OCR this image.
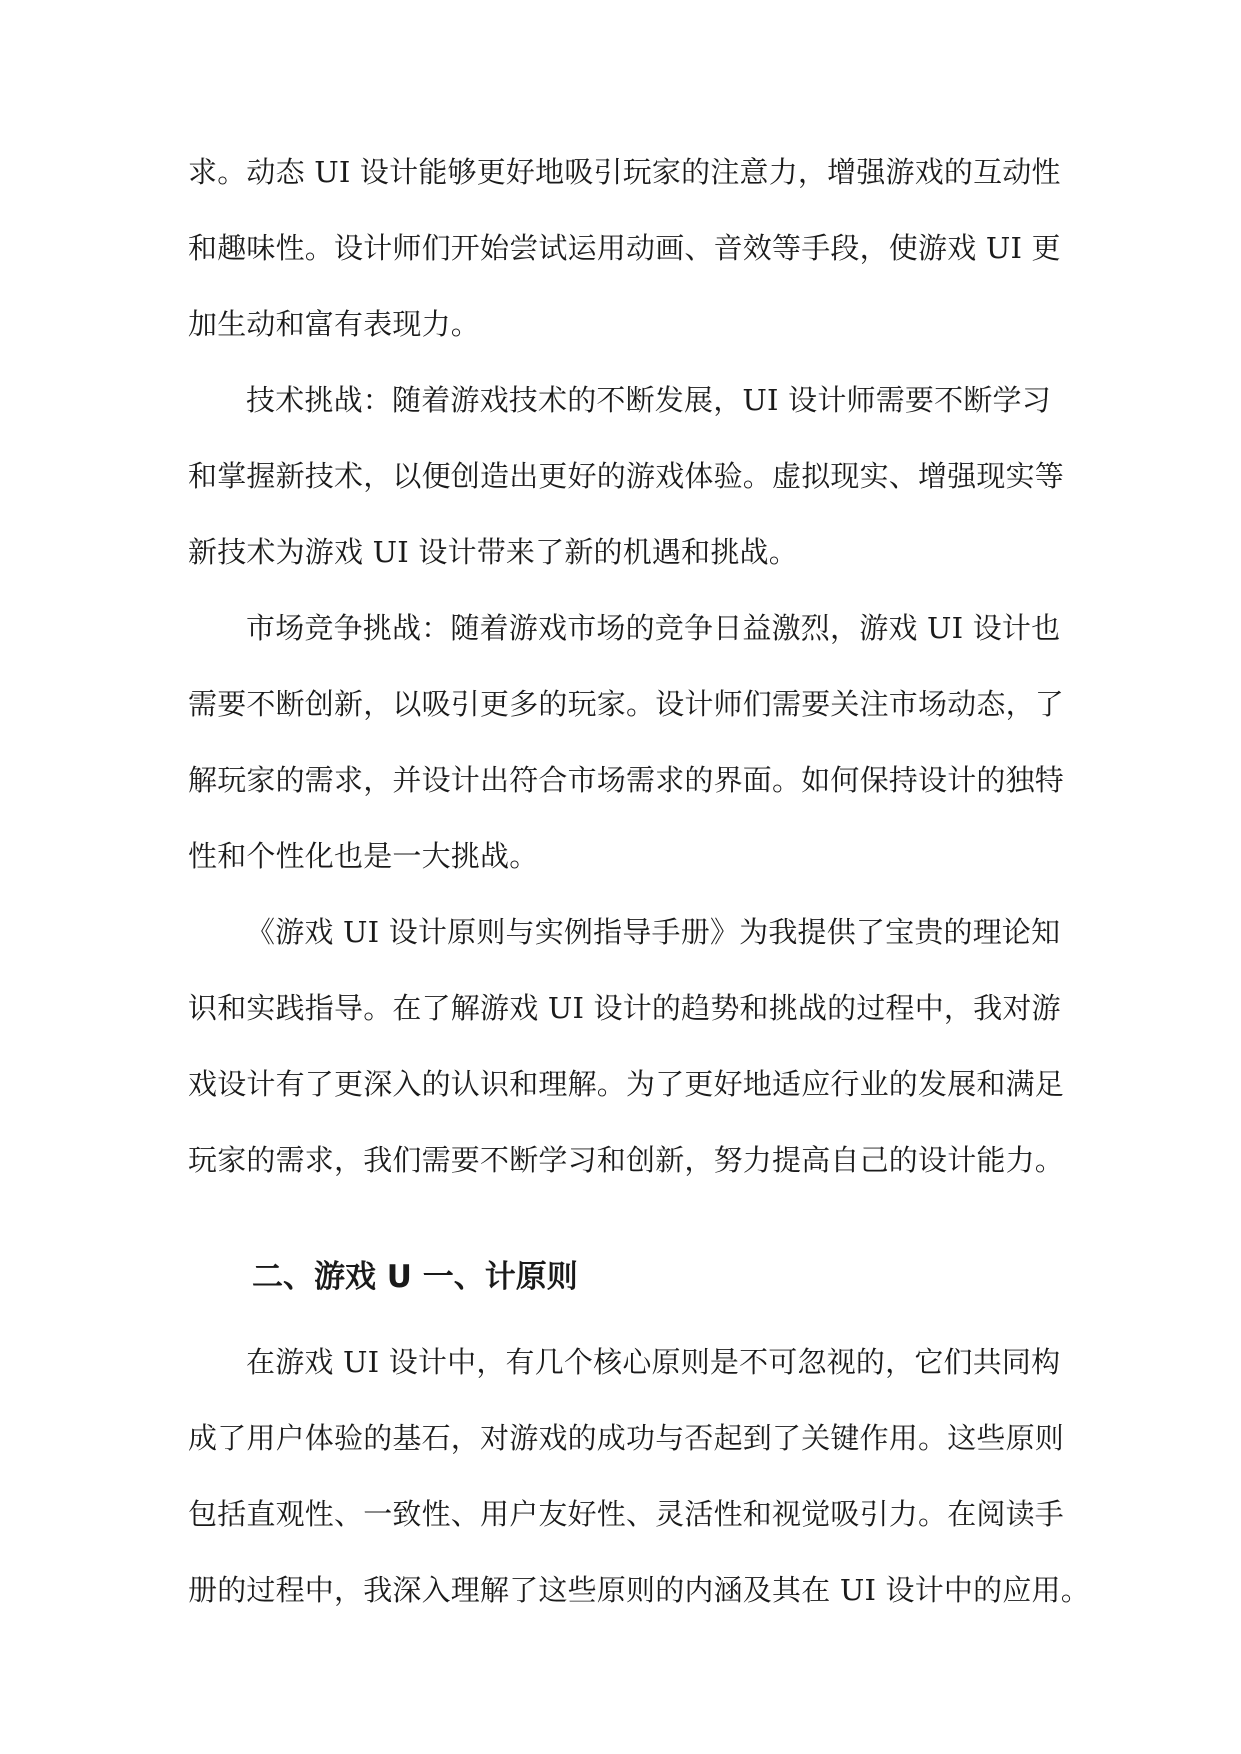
求。动态 UI 设计能够更好地吸引玩家的注意力，增强游戏的互动性
和趣味性。设计师们开始尝试运用动画、音效等手段，使游戏 UI 更
加生动和富有表现力。
技术挑战：随着游戏技术的不断发展，UI 设计师需要不断学习
和掌握新技术，以便创造出更好的游戏体验。虚拟现实、增强现实等
新技术为游戏 UI 设计带来了新的机遇和挑战。
市场竞争挑战：随着游戏市场的竞争日益激烈，游戏 UI 设计也
需要不断创新，以吸引更多的玩家。设计师们需要关注市场动态，了
解玩家的需求，并设计出符合市场需求的界面。如何保持设计的独特
性和个性化也是一大挑战。
《游戏 UI 设计原则与实例指导手册》为我提供了宝贵的理论知
识和实践指导。在了解游戏 UI 设计的趋势和挑战的过程中，我对游
戏设计有了更深入的认识和理解。为了更好地适应行业的发展和满足
玩家的需求，我们需要不断学习和创新，努力提高自己的设计能力。
二、游戏 U 一、计原则
在游戏 UI 设计中，有几个核心原则是不可忽视的，它们共同构
成了用户体验的基石，对游戏的成功与否起到了关键作用。这些原则
包括直观性、一致性、用户友好性、灵活性和视觉吸引力。在阅读手
册的过程中，我深入理解了这些原则的内涵及其在 UI 设计中的应用。
